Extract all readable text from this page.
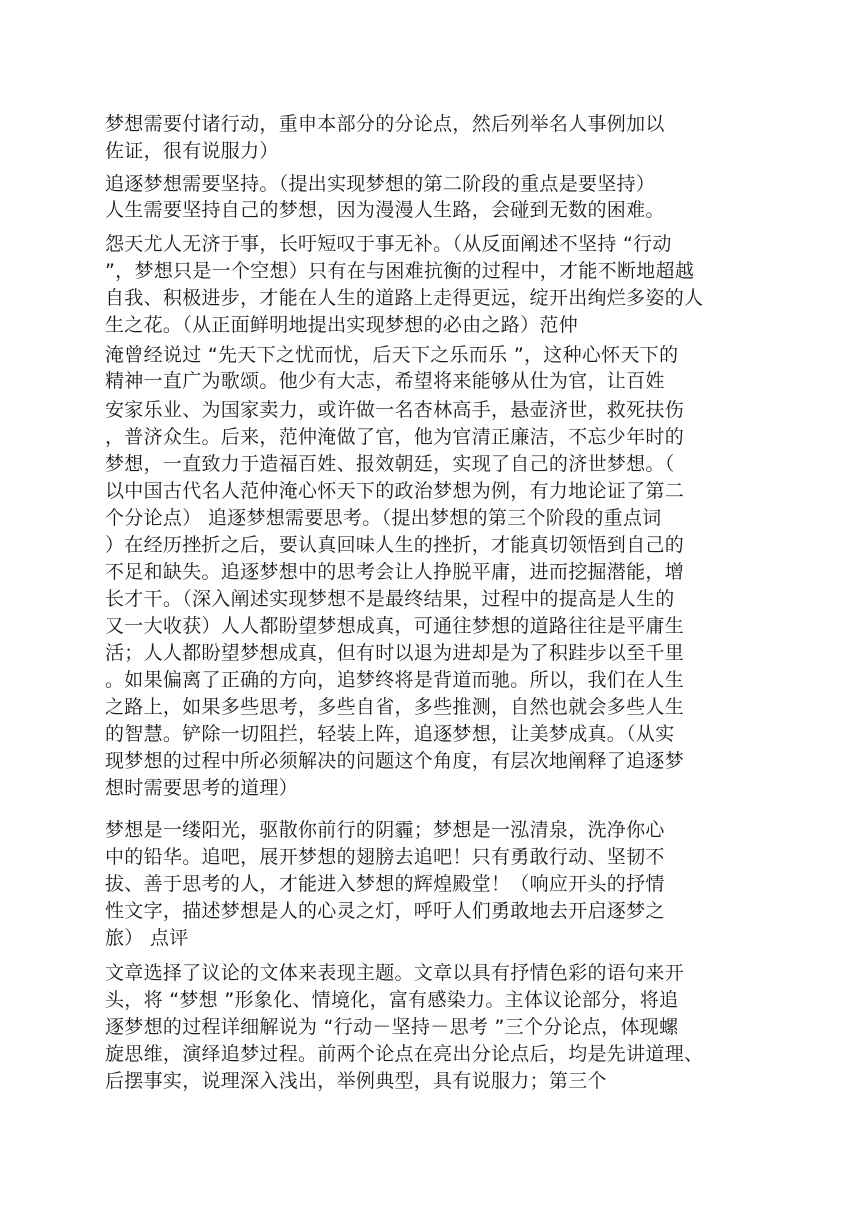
梦想需要付诸行动，重申本部分的分论点，然后列举名人事例加以
佐证，很有说服力）
追逐梦想需要坚持。（提出实现梦想的第二阶段的重点是要坚持）
人生需要坚持自己的梦想，因为漫漫人生路，会碰到无数的困难。
怨天尤人无济于事，长吁短叹于事无补。（从反面阐述不坚持 “行动
”，梦想只是一个空想）只有在与困难抗衡的过程中，才能不断地超越
自我、积极进步，才能在人生的道路上走得更远，绽开出绚烂多姿的人
生之花。（从正面鲜明地提出实现梦想的必由之路）范仲
淹曾经说过 “先天下之忧而忧，后天下之乐而乐 ”，这种心怀天下的
精神一直广为歌颂。他少有大志，希望将来能够从仕为官，让百姓
安家乐业、为国家卖力，或许做一名杏林高手，悬壶济世，救死扶伤
，普济众生。后来，范仲淹做了官，他为官清正廉洁，不忘少年时的
梦想，一直致力于造福百姓、报效朝廷，实现了自己的济世梦想。（
以中国古代名人范仲淹心怀天下的政治梦想为例，有力地论证了第二
个分论点） 追逐梦想需要思考。（提出梦想的第三个阶段的重点词
）在经历挫折之后，要认真回味人生的挫折，才能真切领悟到自己的
不足和缺失。追逐梦想中的思考会让人挣脱平庸，进而挖掘潜能，增
长才干。（深入阐述实现梦想不是最终结果，过程中的提高是人生的
又一大收获）人人都盼望梦想成真，可通往梦想的道路往往是平庸生
活；人人都盼望梦想成真，但有时以退为进却是为了积跬步以至千里
。如果偏离了正确的方向，追梦终将是背道而驰。所以，我们在人生
之路上，如果多些思考，多些自省，多些推测，自然也就会多些人生
的智慧。铲除一切阻拦，轻装上阵，追逐梦想，让美梦成真。（从实
现梦想的过程中所必须解决的问题这个角度，有层次地阐释了追逐梦
想时需要思考的道理）
梦想是一缕阳光，驱散你前行的阴霾；梦想是一泓清泉，洗净你心
中的铅华。追吧，展开梦想的翅膀去追吧！只有勇敢行动、坚韧不
拔、善于思考的人，才能进入梦想的辉煌殿堂！（响应开头的抒情
性文字，描述梦想是人的心灵之灯，呼吁人们勇敢地去开启逐梦之
旅） 点评
文章选择了议论的文体来表现主题。文章以具有抒情色彩的语句来开
头，将 “梦想 ”形象化、情境化，富有感染力。主体议论部分，将追
逐梦想的过程详细解说为 “行动－坚持－思考 ”三个分论点，体现螺
旋思维，演绎追梦过程。前两个论点在亮出分论点后，均是先讲道理、
后摆事实，说理深入浅出，举例典型，具有说服力；第三个
